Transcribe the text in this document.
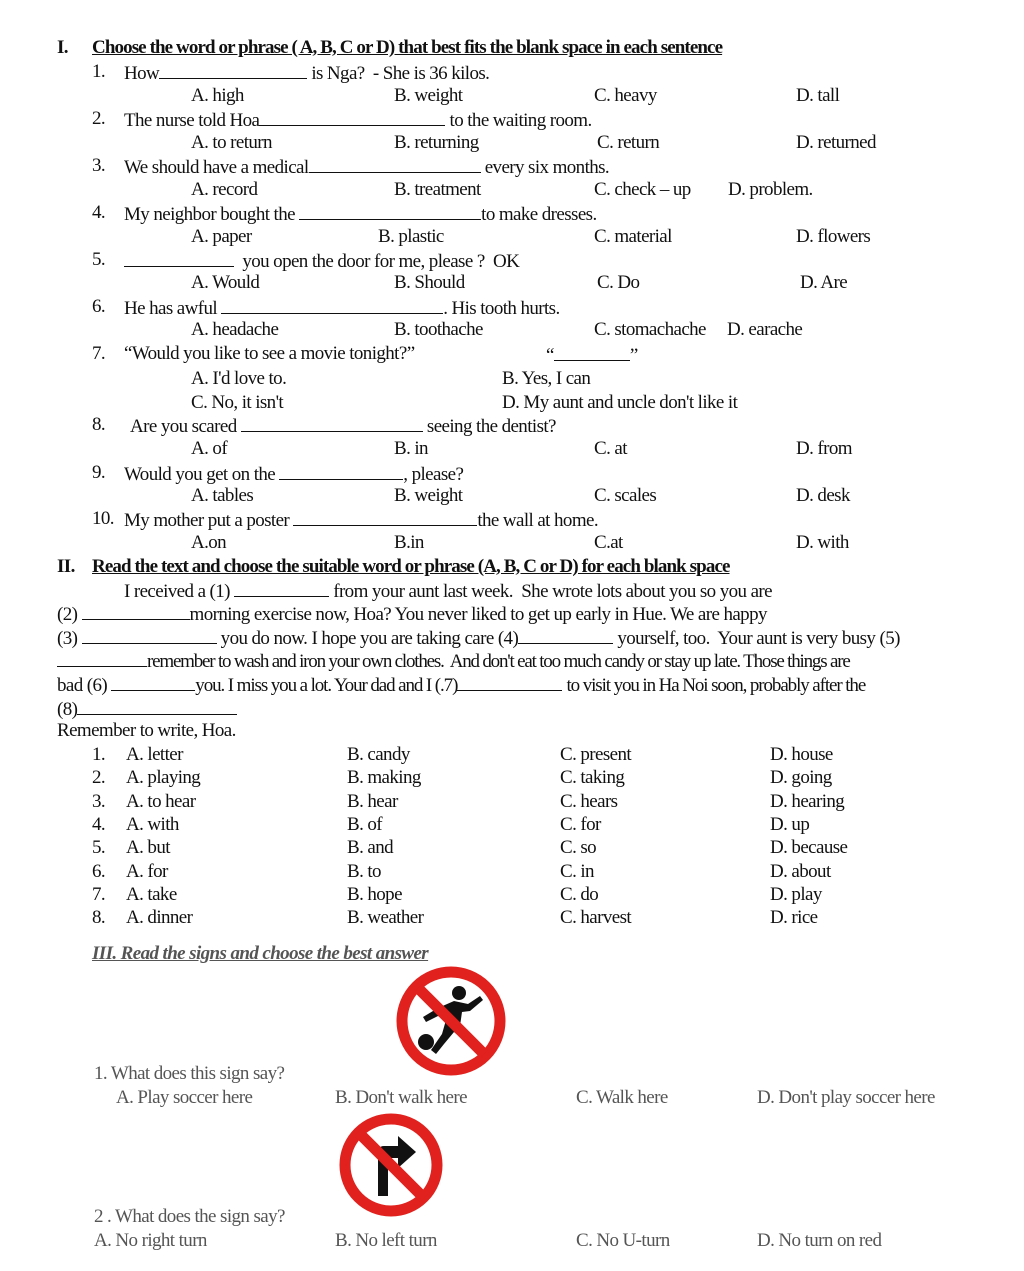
I. Choose the word or phrase ( A, B, C or D) that best fits the blank space in each sentence
1. How	is Nga?  - She is 36 kilos.
A. high	B. weight	C. heavy	D. tall
2. The nurse told Hoa	to the waiting room.
A. to return	B. returning	C. return	D. returned
3. We should have a medical	every six months.
A. record	B. treatment	C. check – up D. problem.
4. My neighbor bought the	to make dresses.
A. paper	B. plastic	C. material	D. flowers
5.	you open the door for me, please ?  OK
A. Would	B. Should	C. Do	D. Are
6. He has awful	. His tooth hurts.
A. headache	B. toothache	C. stomachache D. earache
7. “Would you like to see a movie tonight?”	“	”
A. I'd love to.	B. Yes, I can
C. No, it isn't	D. My aunt and uncle don't like it
8. Are you scared	seeing the dentist?
A. of	B. in	C. at	D. from
9. Would you get on the	, please?
A. tables	B. weight	C. scales	D. desk
10. My mother put a poster	the wall at home.
A.on	B.in	C.at	D. with
II. Read the text and choose the suitable word or phrase (A, B, C or D) for each blank space
I received a (1)	from your aunt last week.  She wrote lots about you so you are
(2)	morning exercise now, Hoa? You never liked to get up early in Hue. We are happy
(3)	you do now. I hope you are taking care (4)	yourself, too.  Your aunt is very busy (5)
remember to wash and iron your own clothes.  And don't eat too much candy or stay up late. Those things are
bad (6)	you. I miss you a lot. Your dad and I (.7)	to visit you in Ha Noi soon, probably after the
(8)
Remember to write, Hoa.
1. A. letter	B. candy	C. present	D. house
2. A. playing	B. making	C. taking	D. going
3. A. to hear	B. hear	C. hears	D. hearing
4. A. with	B. of	C. for	D. up
5. A. but	B. and	C. so	D. because
6. A. for	B. to	C. in	D. about
7. A. take	B. hope	C. do	D. play
8. A. dinner	B. weather	C. harvest	D. rice
III. Read the signs and choose the best answer
1. What does this sign say?
A. Play soccer here	B. Don't walk here	C. Walk here	D. Don't play soccer here
2 . What does the sign say?
A. No right turn	B. No left turn	C. No U-turn	D. No turn on red
